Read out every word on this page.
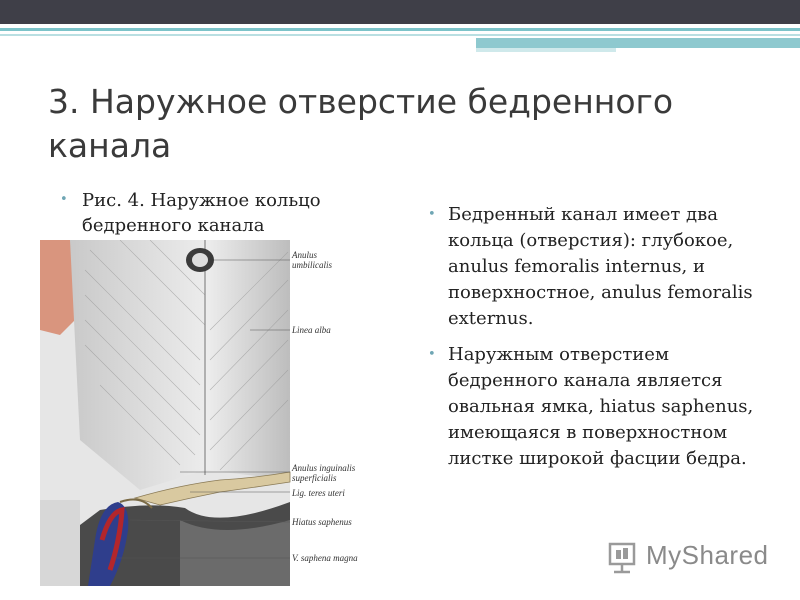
3. Наружное отверстие бедренного канала
• Рис. 4. Наружное кольцо бедренного канала
Anulus
umbilicalis
Linea alba
Anulus inguinalis
superficialis
Lig. teres uteri
Hiatus saphenus
V. saphena magna
• Бедренный канал имеет два кольца (отверстия): глубокое, anulus femoralis internus, и поверхностное, anulus femoralis externus.
• Наружным отверстием бедренного канала является овальная ямка, hiatus saphenus, имеющаяся в поверхностном листке широкой фасции бедра.
MyShared
